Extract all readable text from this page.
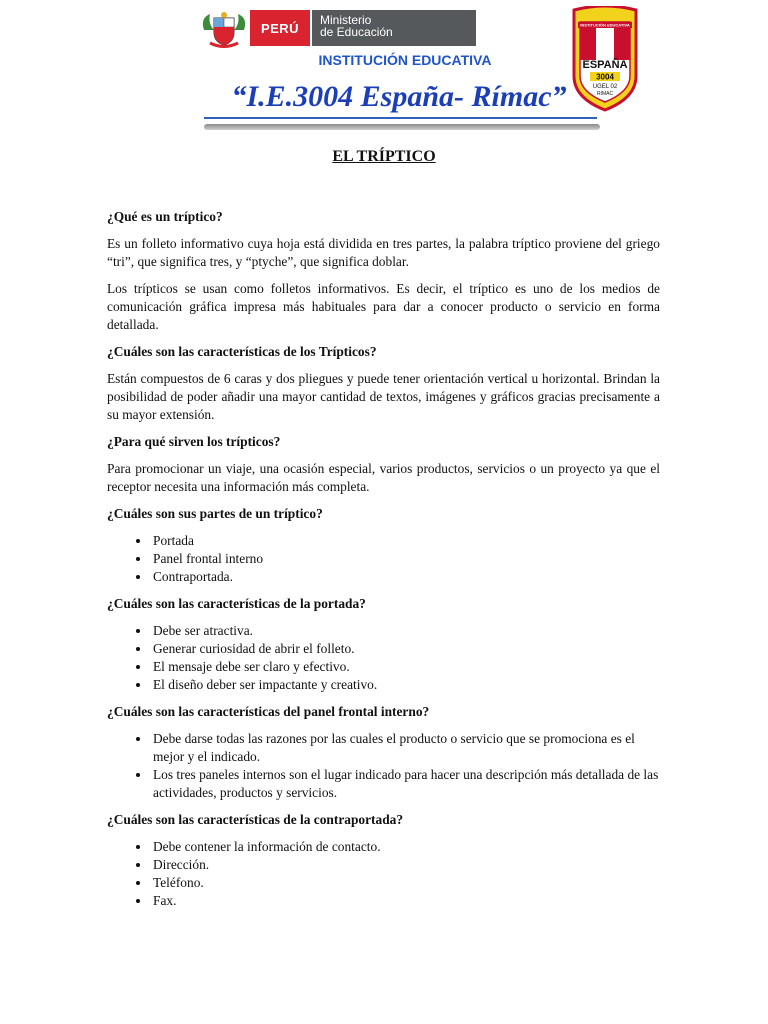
PERÚ
Ministerio
de Educación
INSTITUCIÓN EDUCATIVA
“I.E.3004 España- Rímac”
INSTITUCIÓN EDUCATIVA
ESPAÑA
3004
UGEL 02
RIMAC
EL TRÍPTICO
¿Qué es un tríptico?
Es un folleto informativo cuya hoja está dividida en tres partes, la palabra tríptico proviene del griego “tri”, que significa tres, y “ptyche”, que significa doblar.
Los trípticos se usan como folletos informativos. Es decir, el tríptico es uno de los medios de comunicación gráfica impresa más habituales para dar a conocer producto o servicio en forma detallada.
¿Cuáles son las características de los Trípticos?
Están compuestos de 6 caras y dos pliegues y puede tener orientación vertical u horizontal. Brindan la posibilidad de poder añadir una mayor cantidad de textos, imágenes y gráficos gracias precisamente a su mayor extensión.
¿Para qué sirven los trípticos?
Para promocionar un viaje, una ocasión especial, varios productos, servicios o un proyecto ya que el receptor necesita una información más completa.
¿Cuáles son sus partes de un tríptico?
• Portada
• Panel frontal interno
• Contraportada.
¿Cuáles son las características de la portada?
• Debe ser atractiva.
• Generar curiosidad de abrir el folleto.
• El mensaje debe ser claro y efectivo.
• El diseño deber ser impactante y creativo.
¿Cuáles son las características del panel frontal interno?
• Debe darse todas las razones por las cuales el producto o servicio que se promociona es el mejor y el indicado.
• Los tres paneles internos son el lugar indicado para hacer una descripción más detallada de las actividades, productos y servicios.
¿Cuáles son las características de la contraportada?
• Debe contener la información de contacto.
• Dirección.
• Teléfono.
• Fax.
